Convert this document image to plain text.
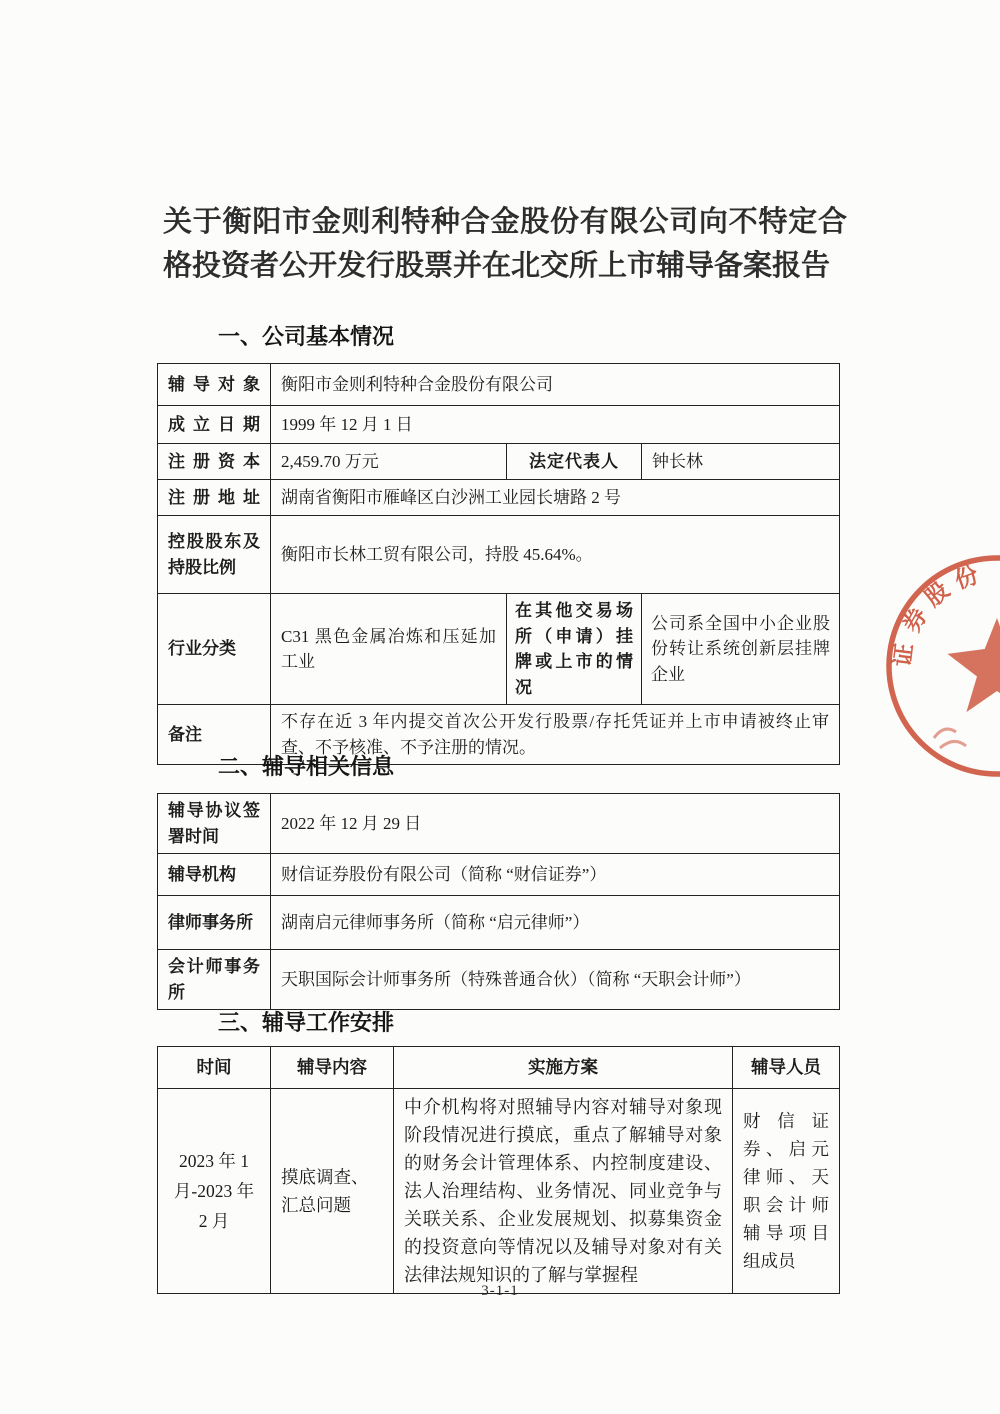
关于衡阳市金则利特种合金股份有限公司向不特定合格投资者公开发行股票并在北交所上市辅导备案报告
一、公司基本情况
辅导对象	衡阳市金则利特种合金股份有限公司		
成立日期	1999 年 12 月 1 日		
注册资本	2,459.70 万元	法定代表人	钟长林
注册地址	湖南省衡阳市雁峰区白沙洲工业园长塘路 2 号		
控股股东及持股比例	衡阳市长林工贸有限公司，持股 45.64%。		
行业分类	C31 黑色金属冶炼和压延加工业	在其他交易场所（申请）挂牌或上市的情况	公司系全国中小企业股份转让系统创新层挂牌企业
备注	不存在近 3 年内提交首次公开发行股票/存托凭证并上市申请被终止审查、不予核准、不予注册的情况。		
二、辅导相关信息
辅导协议签署时间	2022 年 12 月 29 日
辅导机构	财信证券股份有限公司（简称 “财信证券”）
律师事务所	湖南启元律师事务所（简称 “启元律师”）
会计师事务所	天职国际会计师事务所（特殊普通合伙）（简称 “天职会计师”）
三、辅导工作安排
时间	辅导内容	实施方案	辅导人员
2023 年 1 月-2023 年 2 月	摸底调查、汇总问题	中介机构将对照辅导内容对辅导对象现阶段情况进行摸底，重点了解辅导对象的财务会计管理体系、内控制度建设、法人治理结构、业务情况、同业竞争与关联关系、企业发展规划、拟募集资金的投资意向等情况以及辅导对象对有关法律法规知识的了解与掌握程	财信证券、启元律师、天职会计师辅导项目组成员
证
券
股
份
3-1-1
